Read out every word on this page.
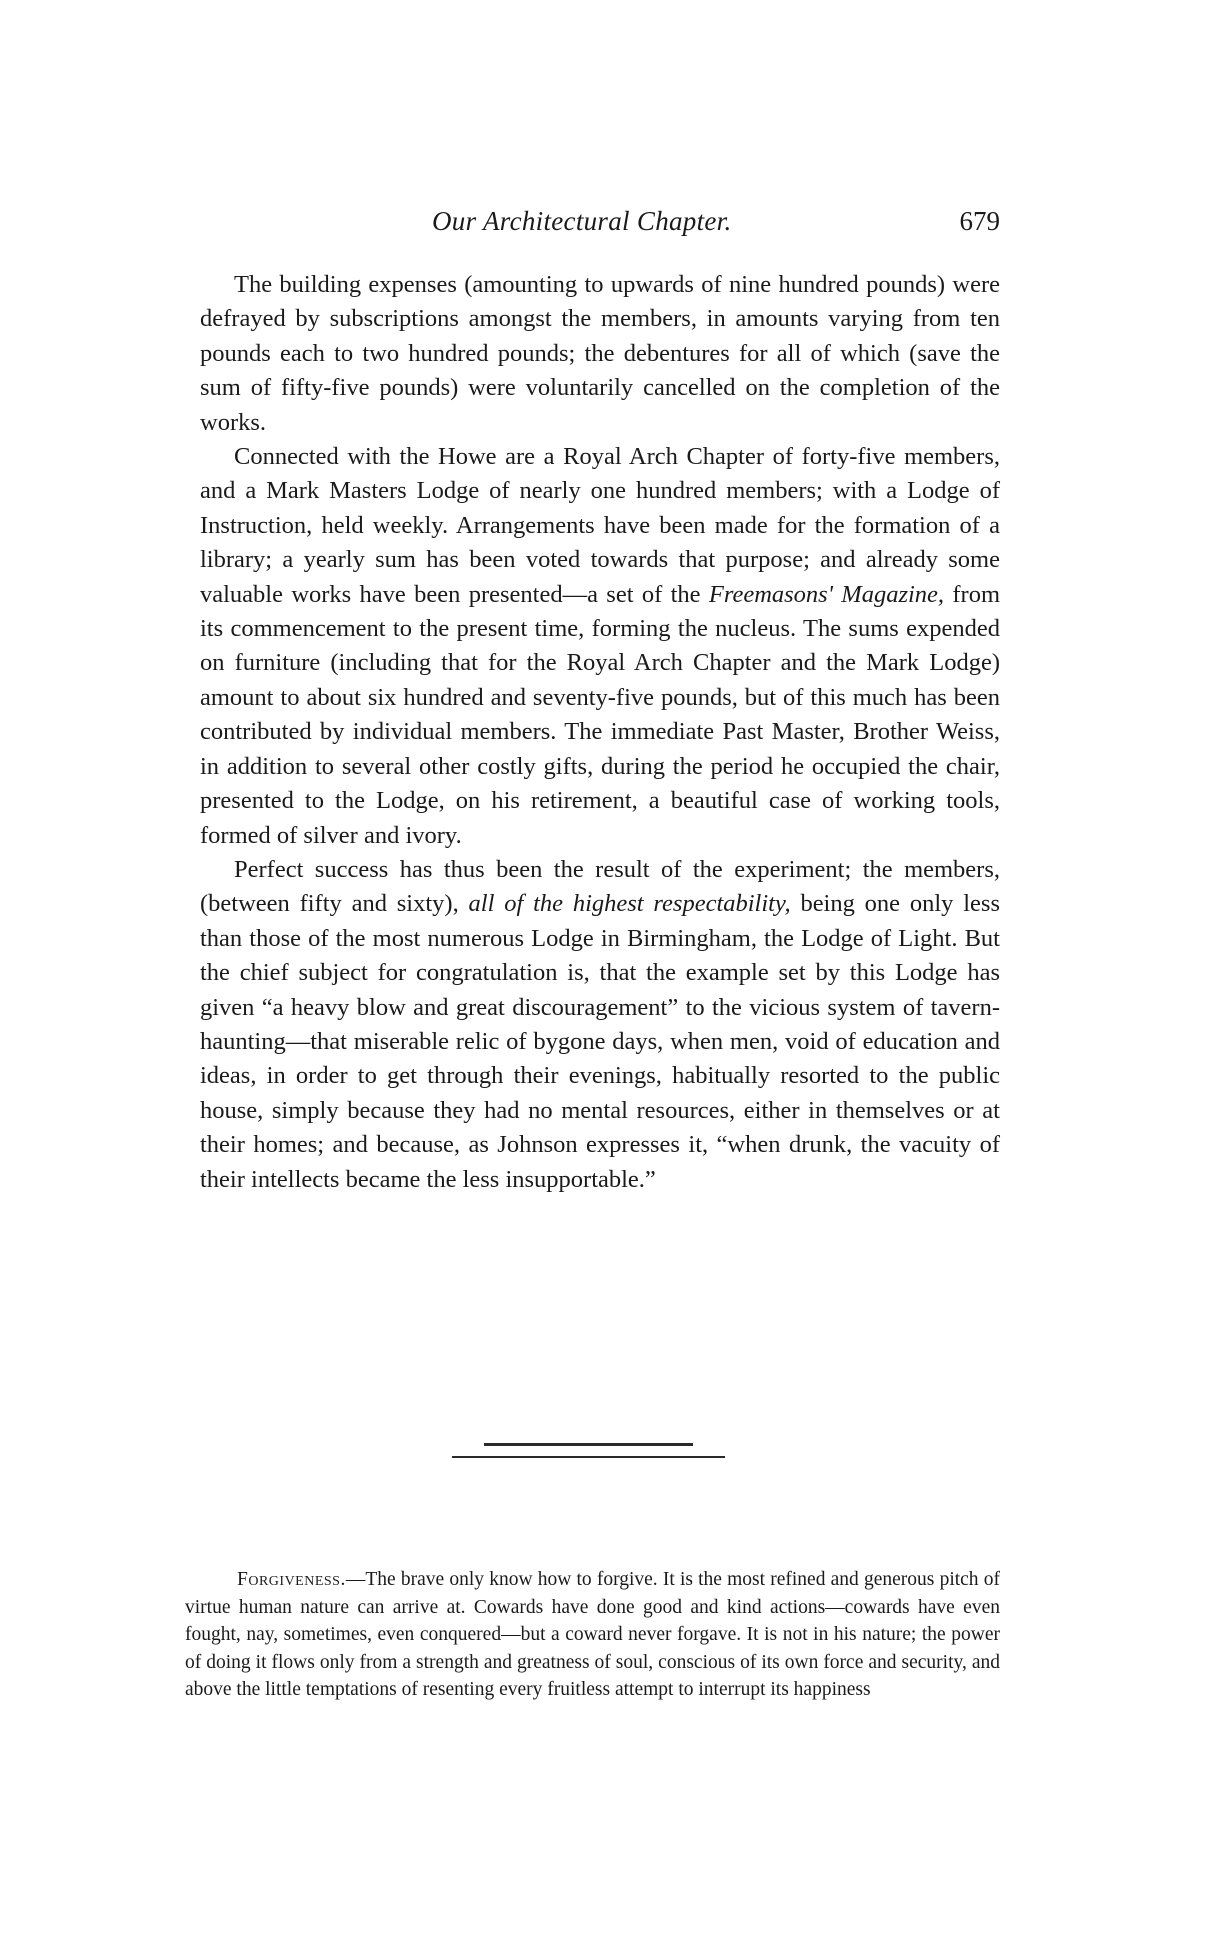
Our Architectural Chapter.	679

The building expenses (amounting to upwards of nine hundred pounds) were defrayed by subscriptions amongst the members, in amounts varying from ten pounds each to two hundred pounds; the debentures for all of which (save the sum of fifty-five pounds) were voluntarily cancelled on the completion of the works.

Connected with the Howe are a Royal Arch Chapter of forty-five members, and a Mark Masters Lodge of nearly one hundred members; with a Lodge of Instruction, held weekly. Arrangements have been made for the formation of a library; a yearly sum has been voted towards that purpose; and already some valuable works have been presented—a set of the Freemasons' Magazine, from its commencement to the present time, forming the nucleus. The sums expended on furniture (including that for the Royal Arch Chapter and the Mark Lodge) amount to about six hundred and seventy-five pounds, but of this much has been contributed by individual members. The immediate Past Master, Brother Weiss, in addition to several other costly gifts, during the period he occupied the chair, presented to the Lodge, on his retirement, a beautiful case of working tools, formed of silver and ivory.

Perfect success has thus been the result of the experiment; the members, (between fifty and sixty), all of the highest respectability, being one only less than those of the most numerous Lodge in Birmingham, the Lodge of Light. But the chief subject for congratulation is, that the example set by this Lodge has given “a heavy blow and great discouragement” to the vicious system of tavern-haunting—that miserable relic of bygone days, when men, void of education and ideas, in order to get through their evenings, habitually resorted to the public house, simply because they had no mental resources, either in themselves or at their homes; and because, as Johnson expresses it, “when drunk, the vacuity of their intellects became the less insupportable.”

Forgiveness.—The brave only know how to forgive. It is the most refined and generous pitch of virtue human nature can arrive at. Cowards have done good and kind actions—cowards have even fought, nay, sometimes, even conquered—but a coward never forgave. It is not in his nature; the power of doing it flows only from a strength and greatness of soul, conscious of its own force and security, and above the little temptations of resenting every fruitless attempt to interrupt its happiness
